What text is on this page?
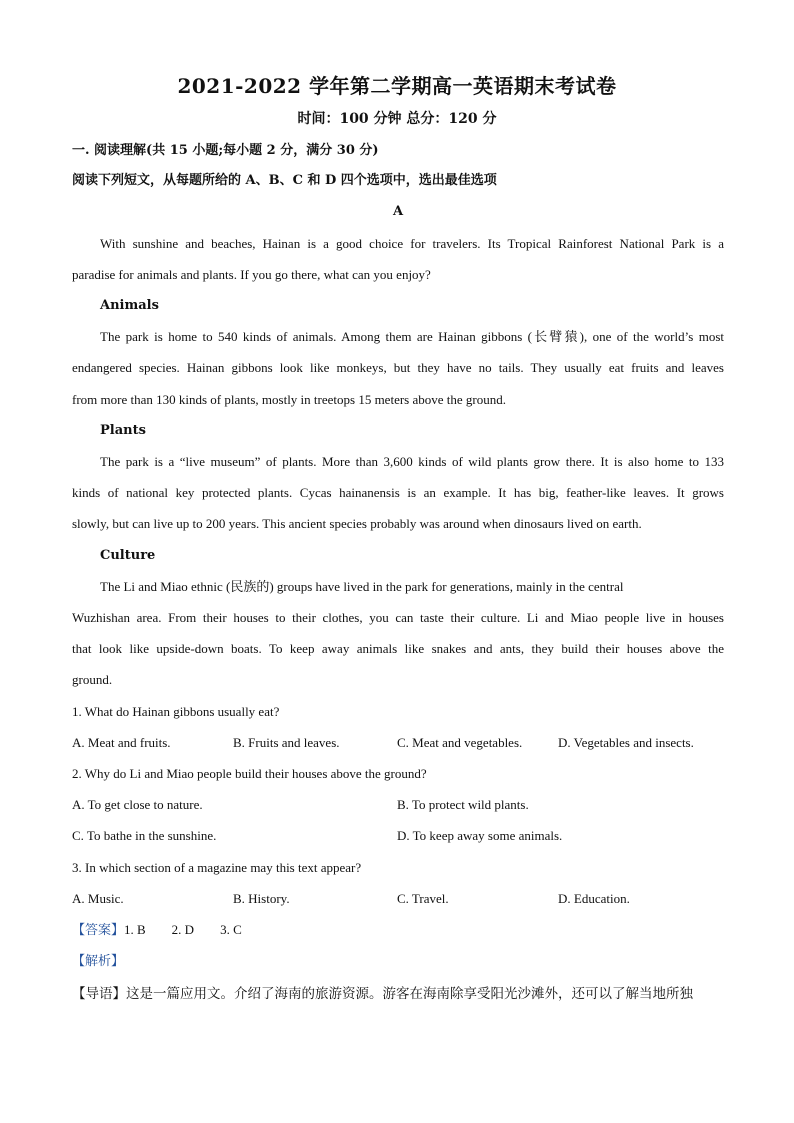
2021-2022 学年第二学期高一英语期末考试卷
时间：100 分钟 总分：120 分
一. 阅读理解(共 15 小题;每小题 2 分，满分 30 分)
阅读下列短文，从每题所给的 A、B、C 和 D 四个选项中，选出最佳选项
A
With sunshine and beaches, Hainan is a good choice for travelers. Its Tropical Rainforest National Park is a
paradise for animals and plants. If you go there, what can you enjoy?
Animals
The park is home to 540 kinds of animals. Among them are Hainan gibbons (长臂猿), one of the world’s most
endangered species. Hainan gibbons look like monkeys, but they have no tails. They usually eat fruits and leaves
from more than 130 kinds of plants, mostly in treetops 15 meters above the ground.
Plants
The park is a “live museum” of plants. More than 3,600 kinds of wild plants grow there. It is also home to 133
kinds of national key protected plants. Cycas hainanensis is an example. It has big, feather-like leaves. It grows
slowly, but can live up to 200 years. This ancient species probably was around when dinosaurs lived on earth.
Culture
The Li and Miao ethnic (民族的) groups have lived in the park for generations, mainly in the central
Wuzhishan area. From their houses to their clothes, you can taste their culture. Li and Miao people live in houses
that look like upside-down boats. To keep away animals like snakes and ants, they build their houses above the
ground.
1. What do Hainan gibbons usually eat?
A. Meat and fruits.	B. Fruits and leaves.	C. Meat and vegetables.	D. Vegetables and insects.
2. Why do Li and Miao people build their houses above the ground?
A. To get close to nature.	B. To protect wild plants.
C. To bathe in the sunshine.	D. To keep away some animals.
3. In which section of a magazine may this text appear?
A. Music.	B. History.	C. Travel.	D. Education.
【答案】1. B        2. D        3. C
【解析】
【导语】这是一篇应用文。介绍了海南的旅游资源。游客在海南除享受阳光沙滩外，还可以了解当地所独
